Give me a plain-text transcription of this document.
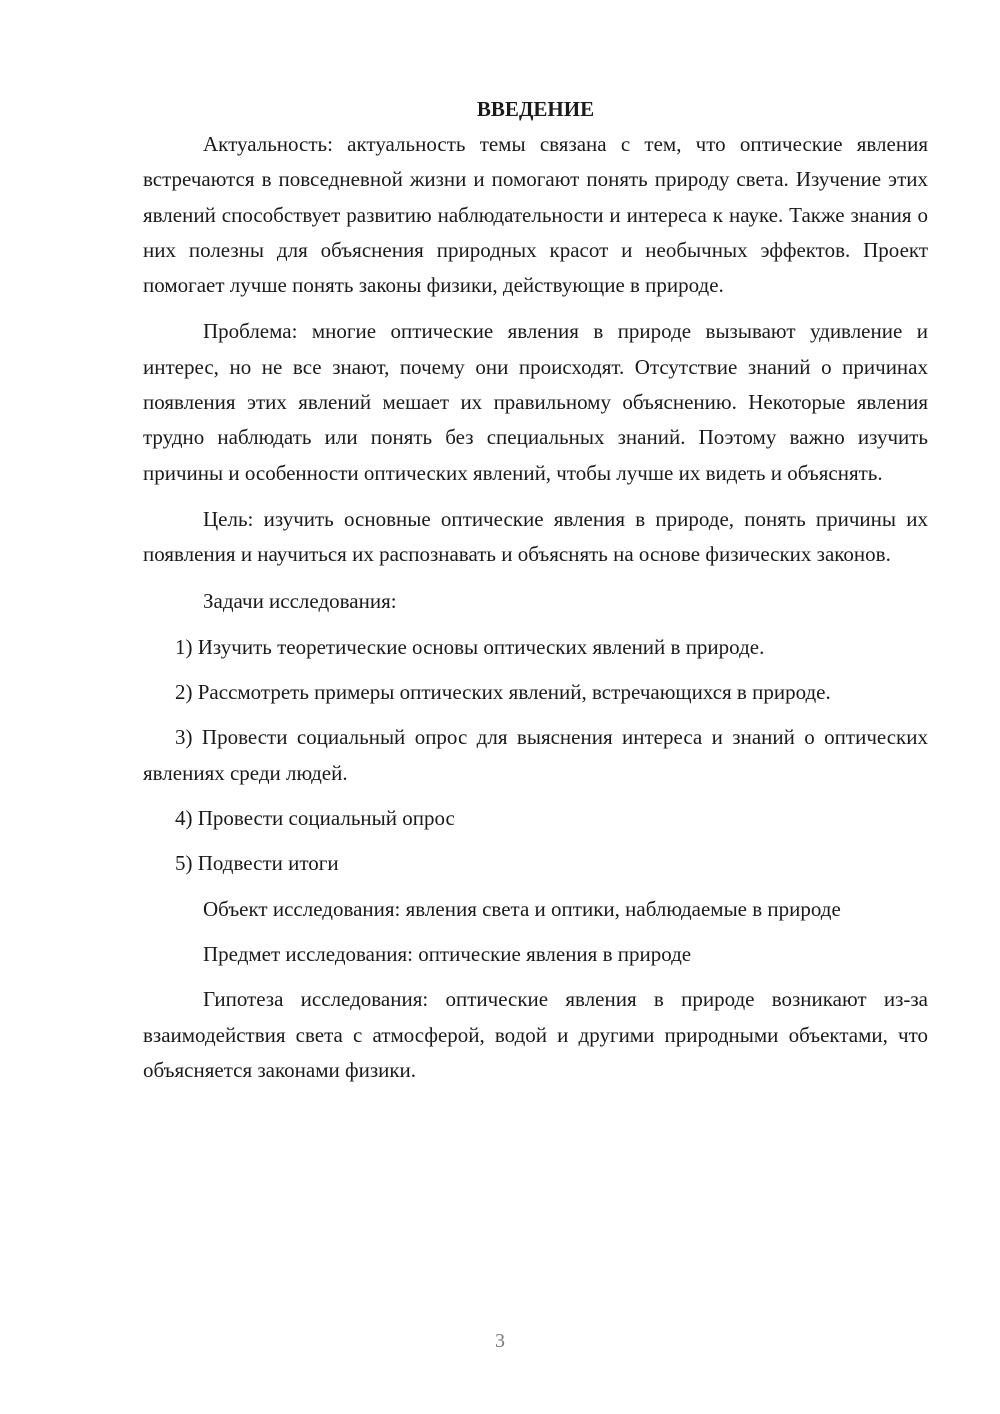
ВВЕДЕНИЕ

Актуальность: актуальность темы связана с тем, что оптические явления встречаются в повседневной жизни и помогают понять природу света. Изучение этих явлений способствует развитию наблюдательности и интереса к науке. Также знания о них полезны для объяснения природных красот и необычных эффектов. Проект помогает лучше понять законы физики, действующие в природе.

Проблема: многие оптические явления в природе вызывают удивление и интерес, но не все знают, почему они происходят. Отсутствие знаний о причинах появления этих явлений мешает их правильному объяснению. Некоторые явления трудно наблюдать или понять без специальных знаний. Поэтому важно изучить причины и особенности оптических явлений, чтобы лучше их видеть и объяснять.

Цель: изучить основные оптические явления в природе, понять причины их появления и научиться их распознавать и объяснять на основе физических законов.

Задачи исследования:

1) Изучить теоретические основы оптических явлений в природе.

2) Рассмотреть примеры оптических явлений, встречающихся в природе.

3) Провести социальный опрос для выяснения интереса и знаний о оптических явлениях среди людей.

4) Провести социальный опрос

5) Подвести итоги

Объект исследования: явления света и оптики, наблюдаемые в природе

Предмет исследования: оптические явления в природе

Гипотеза исследования: оптические явления в природе возникают из-за взаимодействия света с атмосферой, водой и другими природными объектами, что объясняется законами физики.

3
